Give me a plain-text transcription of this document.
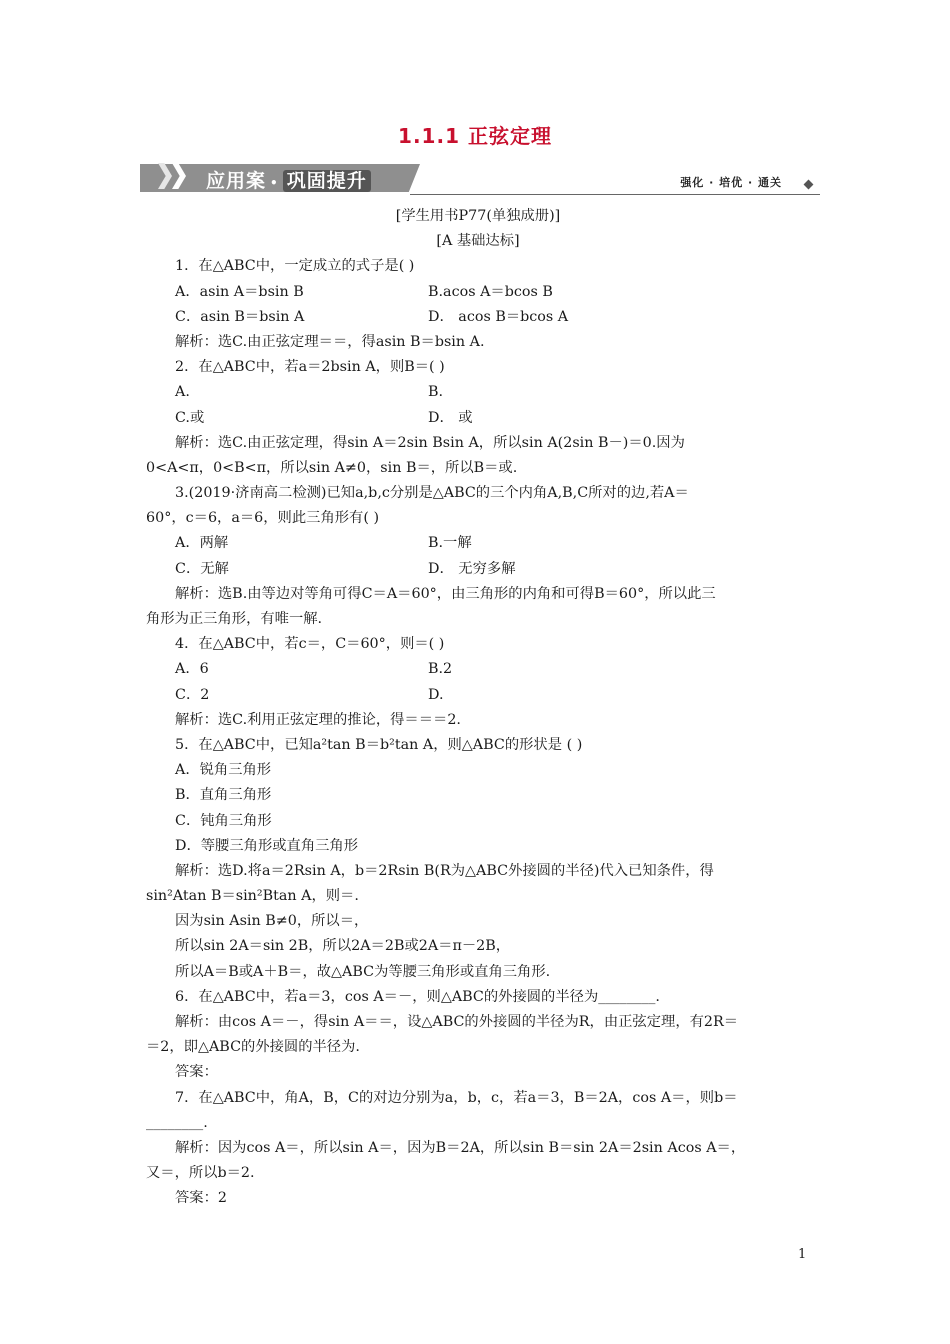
1.1.1 正弦定理
应用案 • 巩固提升	强化 · 培优 · 通关
[学生用书P77(单独成册)]
[A 基础达标]
1．在△ABC中，一定成立的式子是( )
A．asin A＝bsin B	B.acos A＝bcos B
C．asin B＝bsin A	D． acos B＝bcos A
解析：选C.由正弦定理＝＝，得asin B＝bsin A.
2．在△ABC中，若a＝2bsin A，则B＝( )
A.	B.
C.或	D． 或
解析：选C.由正弦定理，得sin A＝2sin Bsin A，所以sin A(2sin B－)＝0.因为
0<A<π，0<B<π，所以sin A≠0，sin B＝，所以B＝或.
3.(2019·济南高二检测)已知a,b,c分别是△ABC的三个内角A,B,C所对的边,若A＝
60°，c＝6，a＝6，则此三角形有( )
A．两解	B.一解
C．无解	D． 无穷多解
解析：选B.由等边对等角可得C＝A＝60°，由三角形的内角和可得B＝60°，所以此三
角形为正三角形，有唯一解.
4．在△ABC中，若c＝，C＝60°，则＝( )
A．6	B.2
C．2	D.
解析：选C.利用正弦定理的推论，得＝＝＝2.
5．在△ABC中，已知a²tan B＝b²tan A，则△ABC的形状是 ( )
A．锐角三角形
B．直角三角形
C．钝角三角形
D．等腰三角形或直角三角形
解析：选D.将a＝2Rsin A，b＝2Rsin B(R为△ABC外接圆的半径)代入已知条件，得
sin²Atan B＝sin²Btan A，则＝.
因为sin Asin B≠0，所以＝，
所以sin 2A＝sin 2B，所以2A＝2B或2A＝π－2B，
所以A＝B或A＋B＝，故△ABC为等腰三角形或直角三角形.
6．在△ABC中，若a＝3，cos A＝－，则△ABC的外接圆的半径为________.
解析：由cos A＝－，得sin A＝＝，设△ABC的外接圆的半径为R，由正弦定理，有2R＝
＝2，即△ABC的外接圆的半径为.
答案：
7．在△ABC中，角A，B，C的对边分别为a，b，c，若a＝3，B＝2A，cos A＝，则b＝
________.
解析：因为cos A＝，所以sin A＝，因为B＝2A，所以sin B＝sin 2A＝2sin Acos A＝，
又＝，所以b＝2.
答案：2
1
